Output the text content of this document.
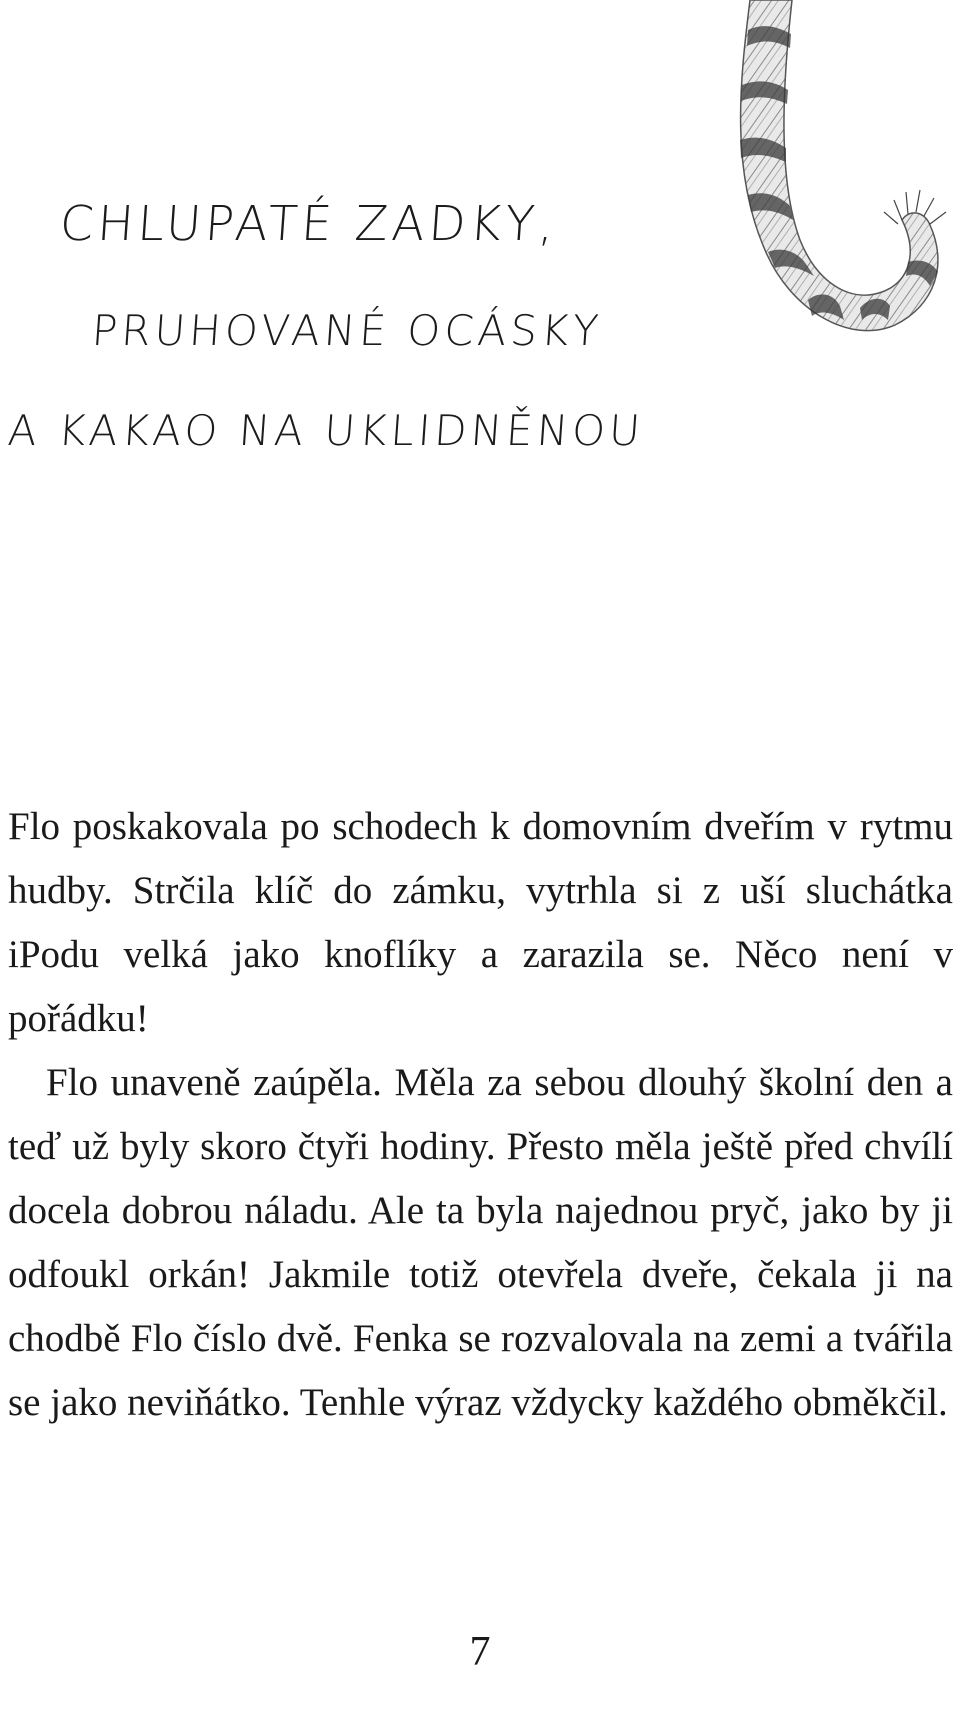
CHLUPATÉ ZADKY,
PRUHOVANÉ OCÁSKY
A KAKAO NA UKLIDNĚNOU

Flo poskakovala po schodech k domovním dveřím v rytmu hudby. Strčila klíč do zámku, vytrhla si z uší sluchátka iPodu velká jako knoflíky a zarazila se. Něco není v pořádku!

Flo unaveně zaúpěla. Měla za sebou dlouhý školní den a teď už byly skoro čtyři hodiny. Přesto měla ještě před chvílí docela dobrou náladu. Ale ta byla najednou pryč, jako by ji odfoukl orkán! Jakmile totiž otevřela dveře, čekala ji na chodbě Flo číslo dvě. Fenka se rozvalovala na zemi a tvářila se jako neviňátko. Tenhle výraz vždycky každého obměkčil.

7
